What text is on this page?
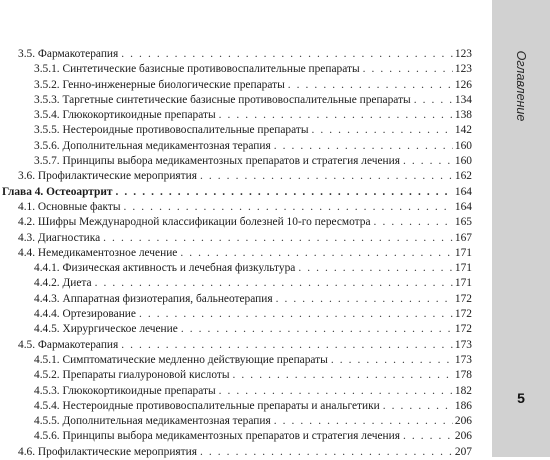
3.5. Фармакотерапия . . .	123
3.5.1. Синтетические базисные противовоспалительные препараты . . .	123
3.5.2. Генно-инженерные биологические препараты . . .	126
3.5.3. Таргетные синтетические базисные противовоспалительные препараты . . .	134
3.5.4. Глюкокортикоидные препараты . . .	138
3.5.5. Нестероидные противовоспалительные препараты . . .	142
3.5.6. Дополнительная медикаментозная терапия . . .	160
3.5.7. Принципы выбора медикаментозных препаратов и стратегия лечения . . .	160
3.6. Профилактические мероприятия . . .	162
Глава 4. Остеоартрит . . .	164
4.1. Основные факты . . .	164
4.2. Шифры Международной классификации болезней 10-го пересмотра . . .	165
4.3. Диагностика . . .	167
4.4. Немедикаментозное лечение . . .	171
4.4.1. Физическая активность и лечебная физкультура . . .	171
4.4.2. Диета . . .	171
4.4.3. Аппаратная физиотерапия, бальнеотерапия . . .	172
4.4.4. Ортезирование . . .	172
4.4.5. Хирургическое лечение . . .	172
4.5. Фармакотерапия . . .	173
4.5.1. Симптоматические медленно действующие препараты . . .	173
4.5.2. Препараты гиалуроновой кислоты . . .	178
4.5.3. Глюкокортикоидные препараты . . .	182
4.5.4. Нестероидные противовоспалительные препараты и анальгетики . . .	186
4.5.5. Дополнительная медикаментозная терапия . . .	206
4.5.6. Принципы выбора медикаментозных препаратов и стратегия лечения . . .	206
4.6. Профилактические мероприятия . . .	207
Оглавление
5
